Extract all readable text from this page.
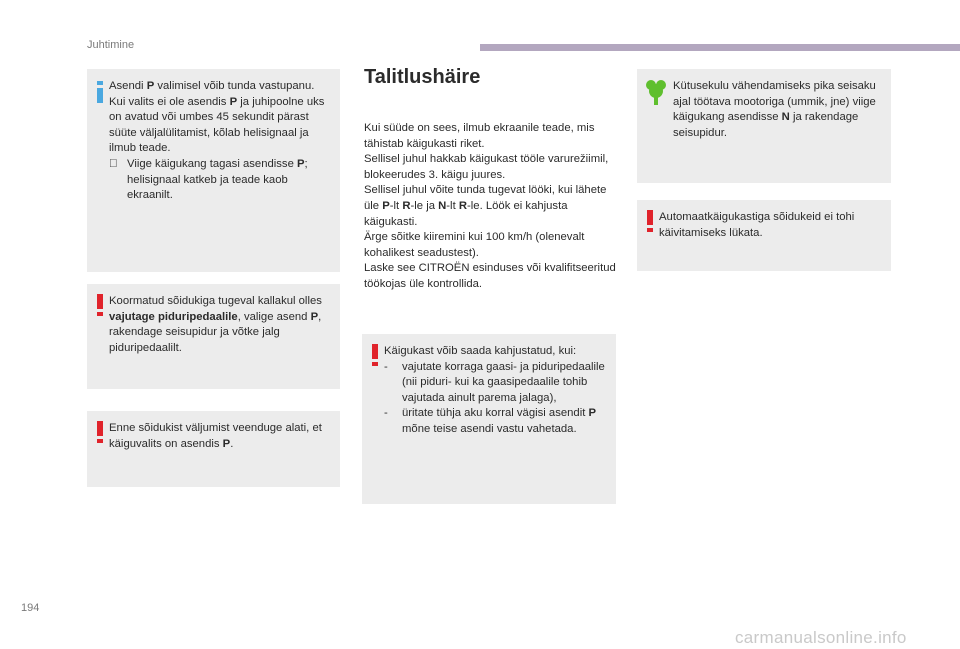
Juhtimine

Asendi P valimisel võib tunda vastupanu. Kui valits ei ole asendis P ja juhipoolne uks on avatud või umbes 45 sekundit pärast süüte väljalülitamist, kõlab helisignaal ja ilmub teade.

Viige käigukang tagasi asendisse P; helisignaal katkeb ja teade kaob ekraanilt.

Koormatud sõidukiga tugeval kallakul olles vajutage piduripedaalile, valige asend P, rakendage seisupidur ja võtke jalg piduripedaalilt.

Enne sõidukist väljumist veenduge alati, et käiguvalits on asendis P.

Talitlushäire

Kui süüde on sees, ilmub ekraanile teade, mis tähistab käigukasti riket.

Sellisel juhul hakkab käigukast tööle varurežiimil, blokeerudes 3. käigu juures.

Sellisel juhul võite tunda tugevat lööki, kui lähete üle P-lt R-le ja N-lt R-le. Löök ei kahjusta käigukasti.

Ärge sõitke kiiremini kui 100 km/h (olenevalt kohalikest seadustest).

Laske see CITROËN esinduses või kvalifitseeritud töökojas üle kontrollida.

Käigukast võib saada kahjustatud, kui:

-	vajutate korraga gaasi- ja piduripedaalile (nii piduri- kui ka gaasipedaalile tohib vajutada ainult parema jalaga),
-	üritate tühja aku korral vägisi asendit P mõne teise asendi vastu vahetada.

Kütusekulu vähendamiseks pika seisaku ajal töötava mootoriga (ummik, jne) viige käigukang asendisse N ja rakendage seisupidur.

Automaatkäigukastiga sõidukeid ei tohi käivitamiseks lükata.

194
carmanualsonline.info
